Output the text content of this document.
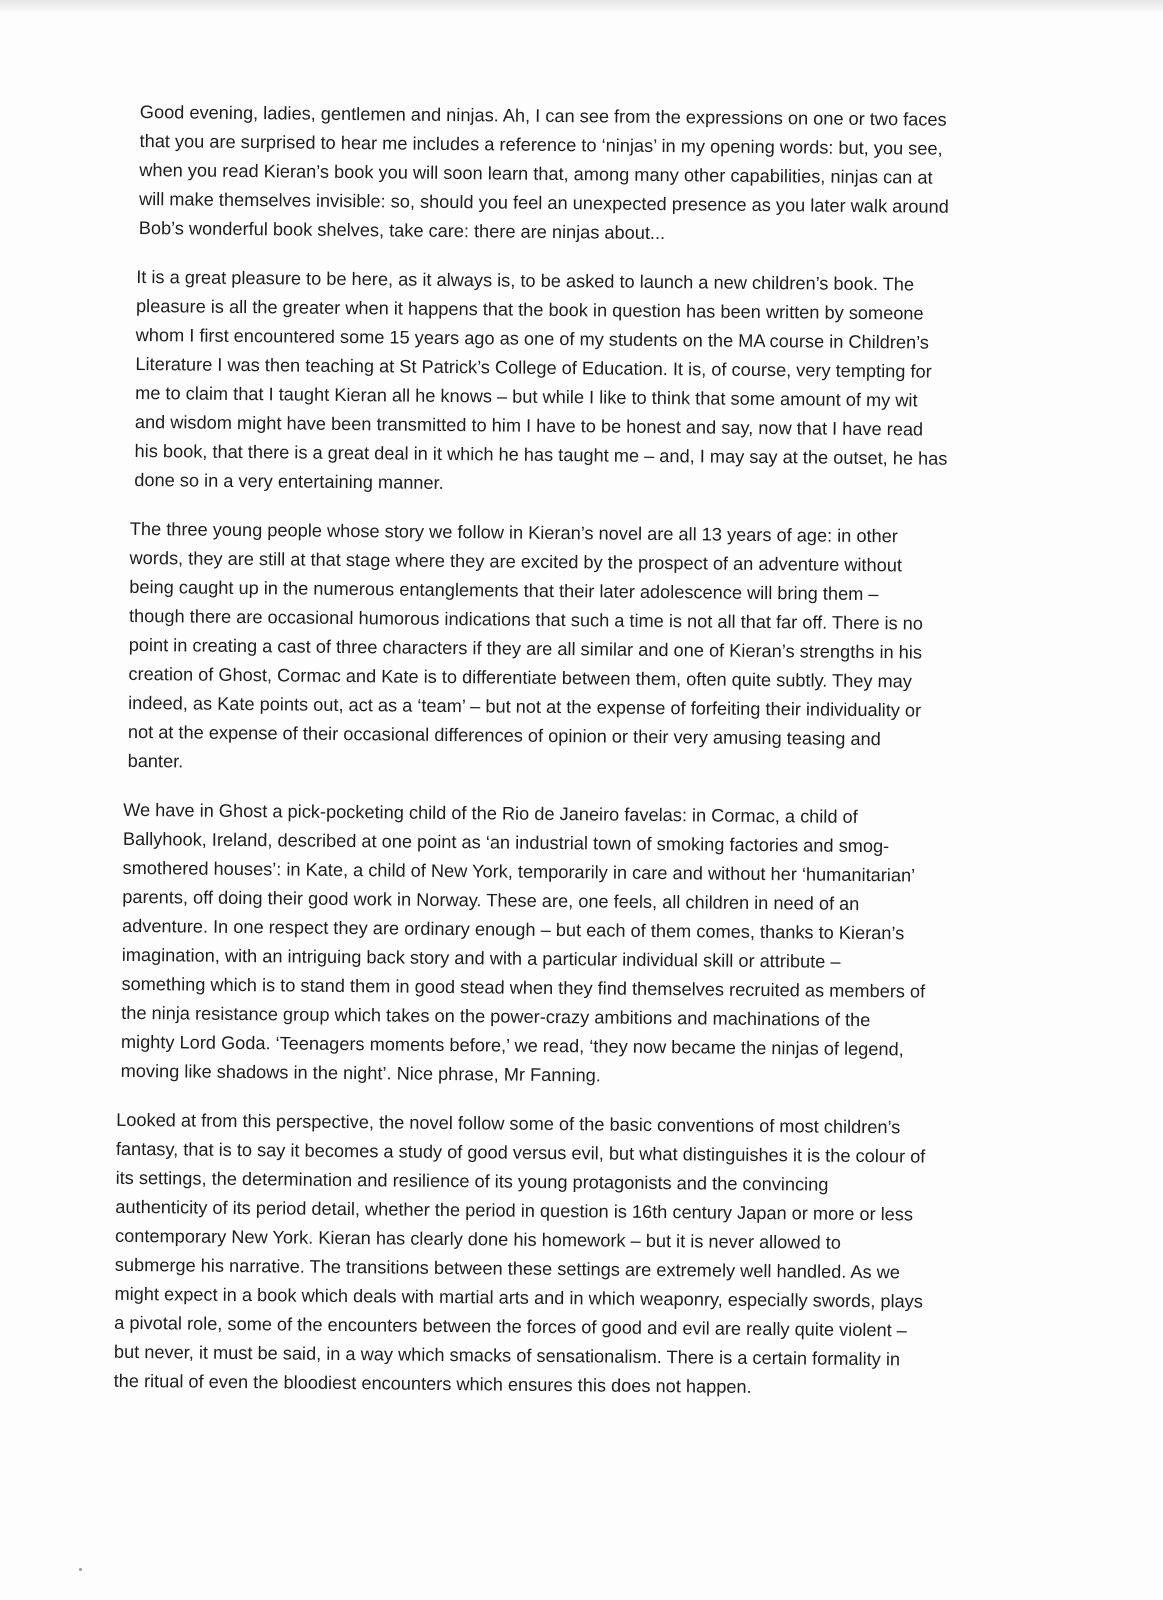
Good evening, ladies, gentlemen and ninjas. Ah, I can see from the expressions on one or two faces
that you are surprised to hear me includes a reference to ‘ninjas’ in my opening words: but, you see,
when you read Kieran’s book you will soon learn that, among many other capabilities, ninjas can at
will make themselves invisible: so, should you feel an unexpected presence as you later walk around
Bob’s wonderful book shelves, take care: there are ninjas about...
It is a great pleasure to be here, as it always is, to be asked to launch a new children’s book. The
pleasure is all the greater when it happens that the book in question has been written by someone
whom I first encountered some 15 years ago as one of my students on the MA course in Children’s
Literature I was then teaching at St Patrick’s College of Education. It is, of course, very tempting for
me to claim that I taught Kieran all he knows – but while I like to think that some amount of my wit
and wisdom might have been transmitted to him I have to be honest and say, now that I have read
his book, that there is a great deal in it which he has taught me – and, I may say at the outset, he has
done so in a very entertaining manner.
The three young people whose story we follow in Kieran’s novel are all 13 years of age: in other
words, they are still at that stage where they are excited by the prospect of an adventure without
being caught up in the numerous entanglements that their later adolescence will bring them –
though there are occasional humorous indications that such a time is not all that far off. There is no
point in creating a cast of three characters if they are all similar and one of Kieran’s strengths in his
creation of Ghost, Cormac and Kate is to differentiate between them, often quite subtly. They may
indeed, as Kate points out, act as a ‘team’ – but not at the expense of forfeiting their individuality or
not at the expense of their occasional differences of opinion or their very amusing teasing and
banter.
We have in Ghost a pick-pocketing child of the Rio de Janeiro favelas: in Cormac, a child of
Ballyhook, Ireland, described at one point as ‘an industrial town of smoking factories and smog-
smothered houses’: in Kate, a child of New York, temporarily in care and without her ‘humanitarian’
parents, off doing their good work in Norway. These are, one feels, all children in need of an
adventure. In one respect they are ordinary enough – but each of them comes, thanks to Kieran’s
imagination, with an intriguing back story and with a particular individual skill or attribute –
something which is to stand them in good stead when they find themselves recruited as members of
the ninja resistance group which takes on the power-crazy ambitions and machinations of the
mighty Lord Goda. ‘Teenagers moments before,’ we read, ‘they now became the ninjas of legend,
moving like shadows in the night’. Nice phrase, Mr Fanning.
Looked at from this perspective, the novel follow some of the basic conventions of most children’s
fantasy, that is to say it becomes a study of good versus evil, but what distinguishes it is the colour of
its settings, the determination and resilience of its young protagonists and the convincing
authenticity of its period detail, whether the period in question is 16th century Japan or more or less
contemporary New York. Kieran has clearly done his homework – but it is never allowed to
submerge his narrative. The transitions between these settings are extremely well handled. As we
might expect in a book which deals with martial arts and in which weaponry, especially swords, plays
a pivotal role, some of the encounters between the forces of good and evil are really quite violent –
but never, it must be said, in a way which smacks of sensationalism. There is a certain formality in
the ritual of even the bloodiest encounters which ensures this does not happen.
